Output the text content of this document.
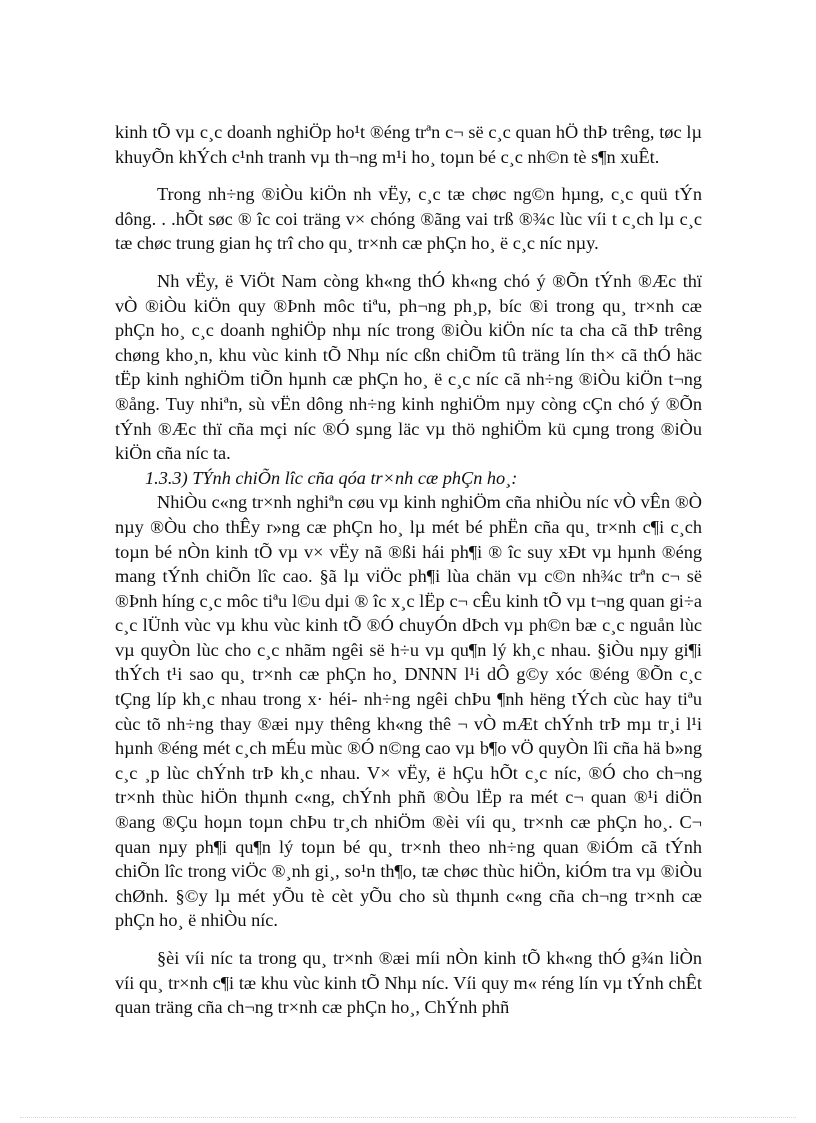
kinh tÕ vµ c¸c doanh nghiÖp ho¹t ®éng trªn c¬ së c¸c quan hÖ thÞ trêng, tøc lµ khuyÕn khÝch c¹nh tranh vµ th¬ng m¹i ho¸ toµn bé c¸c nh©n tè s¶n xuÊt.

Trong nh÷ng ®iÒu kiÖn nh vËy, c¸c tæ chøc ng©n hµng, c¸c quü tÝn dông. . .hÕt søc ® îc coi träng v× chóng ®ãng vai trß ®¾c lùc víi t c¸ch lµ c¸c tæ chøc trung gian hç trî cho qu¸ tr×nh cæ phÇn ho¸ ë c¸c níc nµy.

Nh vËy, ë ViÖt Nam còng kh«ng thÓ kh«ng chó ý ®Õn tÝnh ®Æc thï vÒ ®iÒu kiÖn quy ®Þnh môc tiªu, ph¬ng ph¸p, bíc ®i trong qu¸ tr×nh cæ phÇn ho¸ c¸c doanh nghiÖp nhµ níc trong ®iÒu kiÖn níc ta cha cã thÞ trêng chøng kho¸n, khu vùc kinh tÕ Nhµ níc cßn chiÕm tû träng lín th× cã thÓ häc tËp kinh nghiÖm tiÕn hµnh cæ phÇn ho¸ ë c¸c níc cã nh÷ng ®iÒu kiÖn t¬ng ®ång. Tuy nhiªn, sù vËn dông nh÷ng kinh nghiÖm nµy còng cÇn chó ý ®Õn tÝnh ®Æc thï cña mçi níc ®Ó sµng läc vµ thö nghiÖm kü cµng trong ®iÒu kiÖn cña níc ta.

1.3.3) TÝnh chiÕn lîc cña qóa tr×nh cæ phÇn ho¸:

NhiÒu c«ng tr×nh nghiªn cøu vµ kinh nghiÖm cña nhiÒu níc vÒ vÊn ®Ò nµy ®Òu cho thÊy r»ng cæ phÇn ho¸ lµ mét bé phËn cña qu¸ tr×nh c¶i c¸ch toµn bé nÒn kinh tÕ vµ v× vËy nã ®ßi hái ph¶i ® îc suy xÐt vµ hµnh ®éng mang tÝnh chiÕn lîc cao. §ã lµ viÖc ph¶i lùa chän vµ c©n nh¾c trªn c¬ së ®Þnh híng c¸c môc tiªu l©u dµi ® îc x¸c lËp c¬ cÊu kinh tÕ vµ t¬ng quan gi÷a c¸c lÜnh vùc vµ khu vùc kinh tÕ ®Ó chuyÓn dÞch vµ ph©n bæ c¸c nguån lùc vµ quyÒn lùc cho c¸c nhãm ngêi së h÷u vµ qu¶n lý kh¸c nhau. §iÒu nµy gi¶i thÝch t¹i sao qu¸ tr×nh cæ phÇn ho¸ DNNN l¹i dÔ g©y xóc ®éng ®Õn c¸c tÇng líp kh¸c nhau trong x· héi- nh÷ng ngêi chÞu ¶nh hëng tÝch cùc hay tiªu cùc tõ nh÷ng thay ®æi nµy thêng kh«ng thê ¬ vÒ mÆt chÝnh trÞ mµ tr¸i l¹i hµnh ®éng mét c¸ch mÉu mùc ®Ó n©ng cao vµ b¶o vÖ quyÒn lîi cña hä b»ng c¸c ¸p lùc chÝnh trÞ kh¸c nhau. V× vËy, ë hÇu hÕt c¸c níc, ®Ó cho ch¬ng tr×nh thùc hiÖn thµnh c«ng, chÝnh phñ ®Òu lËp ra mét c¬ quan ®¹i diÖn ®ang ®Çu hoµn toµn chÞu tr¸ch nhiÖm ®èi víi qu¸ tr×nh cæ phÇn ho¸. C¬ quan nµy ph¶i qu¶n lý toµn bé qu¸ tr×nh theo nh÷ng quan ®iÓm cã tÝnh chiÕn lîc trong viÖc ®¸nh gi¸, so¹n th¶o, tæ chøc thùc hiÖn, kiÓm tra vµ ®iÒu chØnh. §©y lµ mét yÕu tè cèt yÕu cho sù thµnh c«ng cña ch¬ng tr×nh cæ phÇn ho¸ ë nhiÒu níc.

§èi víi níc ta trong qu¸ tr×nh ®æi míi nÒn kinh tÕ kh«ng thÓ g¾n liÒn víi qu¸ tr×nh c¶i tæ khu vùc kinh tÕ Nhµ níc. Víi quy m« réng lín vµ tÝnh chÊt quan träng cña ch¬ng tr×nh cæ phÇn ho¸, ChÝnh phñ
